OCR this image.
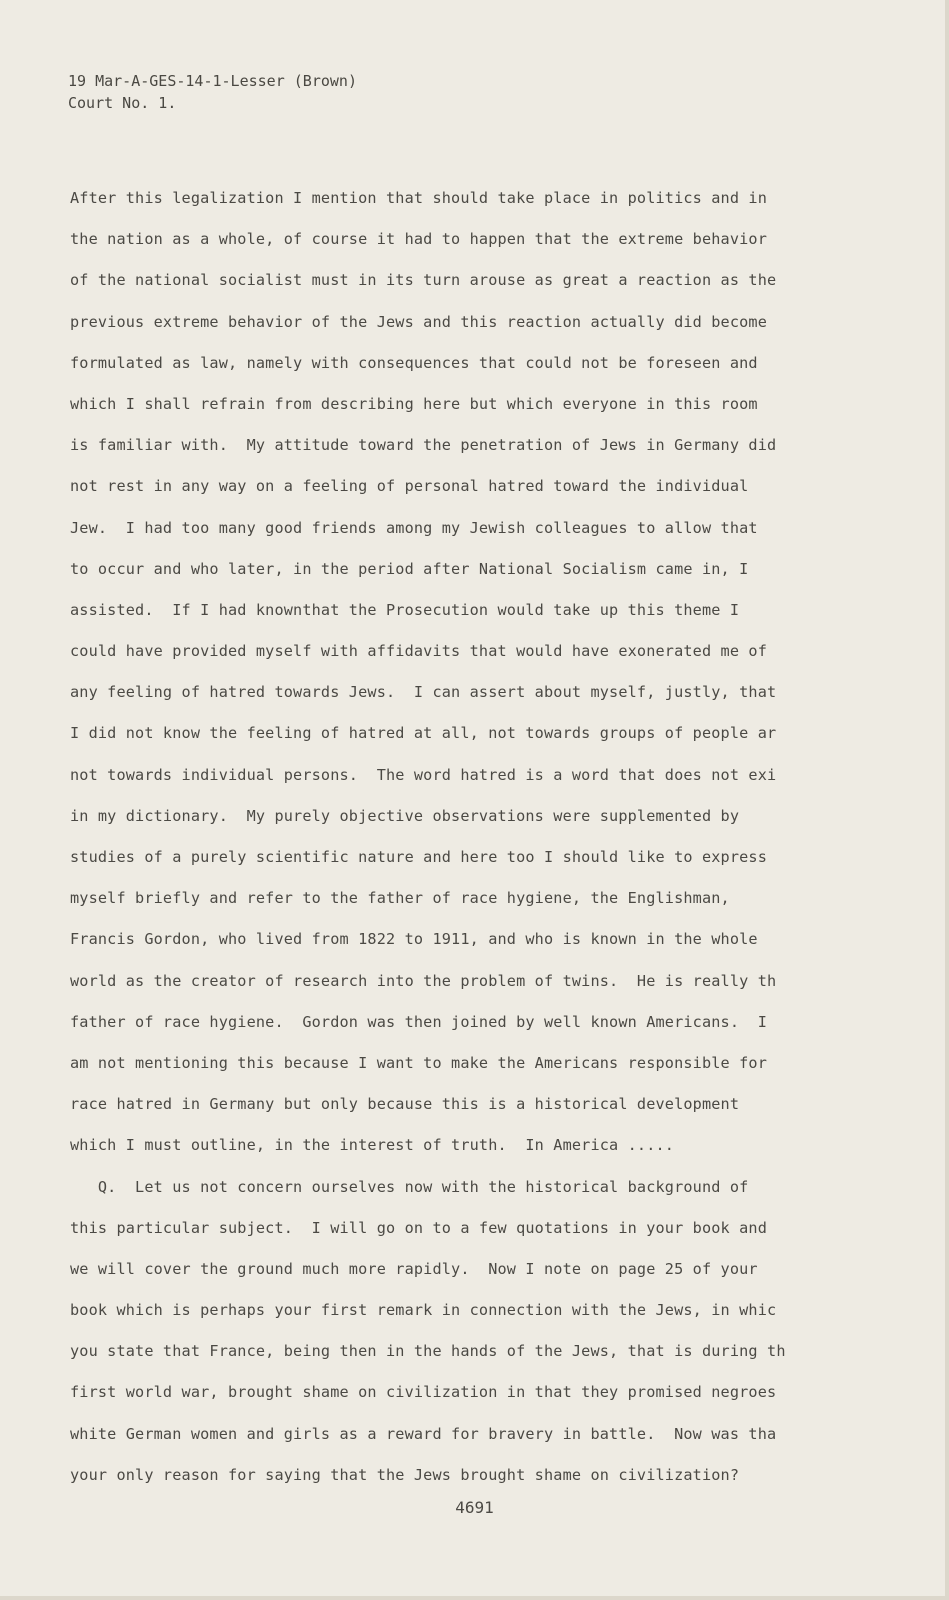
19 Mar-A-GES-14-1-Lesser (Brown)
Court No. 1.
After this legalization I mention that should take place in politics and in
the nation as a whole, of course it had to happen that the extreme behavior
of the national socialist must in its turn arouse as great a reaction as the
previous extreme behavior of the Jews and this reaction actually did become
formulated as law, namely with consequences that could not be foreseen and
which I shall refrain from describing here but which everyone in this room
is familiar with.  My attitude toward the penetration of Jews in Germany did
not rest in any way on a feeling of personal hatred toward the individual
Jew.  I had too many good friends among my Jewish colleagues to allow that
to occur and who later, in the period after National Socialism came in, I
assisted.  If I had knownthat the Prosecution would take up this theme I
could have provided myself with affidavits that would have exonerated me of
any feeling of hatred towards Jews.  I can assert about myself, justly, that
I did not know the feeling of hatred at all, not towards groups of people ar
not towards individual persons.  The word hatred is a word that does not exi
in my dictionary.  My purely objective observations were supplemented by
studies of a purely scientific nature and here too I should like to express
myself briefly and refer to the father of race hygiene, the Englishman,
Francis Gordon, who lived from 1822 to 1911, and who is known in the whole
world as the creator of research into the problem of twins.  He is really th
father of race hygiene.  Gordon was then joined by well known Americans.  I
am not mentioning this because I want to make the Americans responsible for
race hatred in Germany but only because this is a historical development
which I must outline, in the interest of truth.  In America .....
Q.  Let us not concern ourselves now with the historical background of
this particular subject.  I will go on to a few quotations in your book and
we will cover the ground much more rapidly.  Now I note on page 25 of your
book which is perhaps your first remark in connection with the Jews, in whic
you state that France, being then in the hands of the Jews, that is during th
first world war, brought shame on civilization in that they promised negroes
white German women and girls as a reward for bravery in battle.  Now was tha
your only reason for saying that the Jews brought shame on civilization?
4691
